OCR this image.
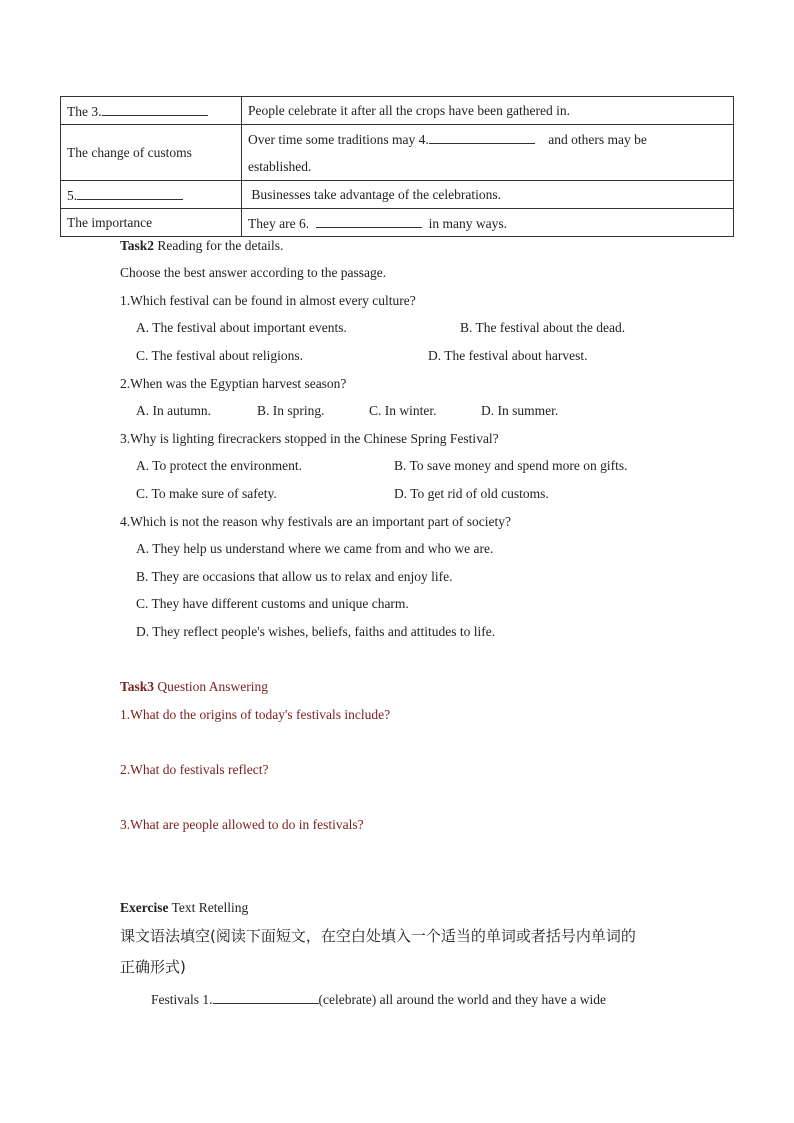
The 3.	People celebrate it after all the crops have been gathered in.
The change of customs	Over time some traditions may 4. and others may be
established.
5.	Businesses take advantage of the celebrations.
The importance	They are 6. in many ways.
Task2 Reading for the details.
Choose the best answer according to the passage.
1.Which festival can be found in almost every culture?
A. The festival about important events.	B. The festival about the dead.
C. The festival about religions.	D. The festival about harvest.
2.When was the Egyptian harvest season?
A. In autumn.	B. In spring.	C. In winter.	D. In summer.
3.Why is lighting firecrackers stopped in the Chinese Spring Festival?
A. To protect the environment.	B. To save money and spend more on gifts.
C. To make sure of safety.	D. To get rid of old customs.
4.Which is not the reason why festivals are an important part of society?
A. They help us understand where we came from and who we are.
B. They are occasions that allow us to relax and enjoy life.
C. They have different customs and unique charm.
D. They reflect people's wishes, beliefs, faiths and attitudes to life.
Task3 Question Answering
1.What do the origins of today's festivals include?
2.What do festivals reflect?
3.What are people allowed to do in festivals?
Exercise Text Retelling
课文语法填空(阅读下面短文，在空白处填入一个适当的单词或者括号内单词的
正确形式)
Festivals 1.	(celebrate) all around the world and they have a wide
